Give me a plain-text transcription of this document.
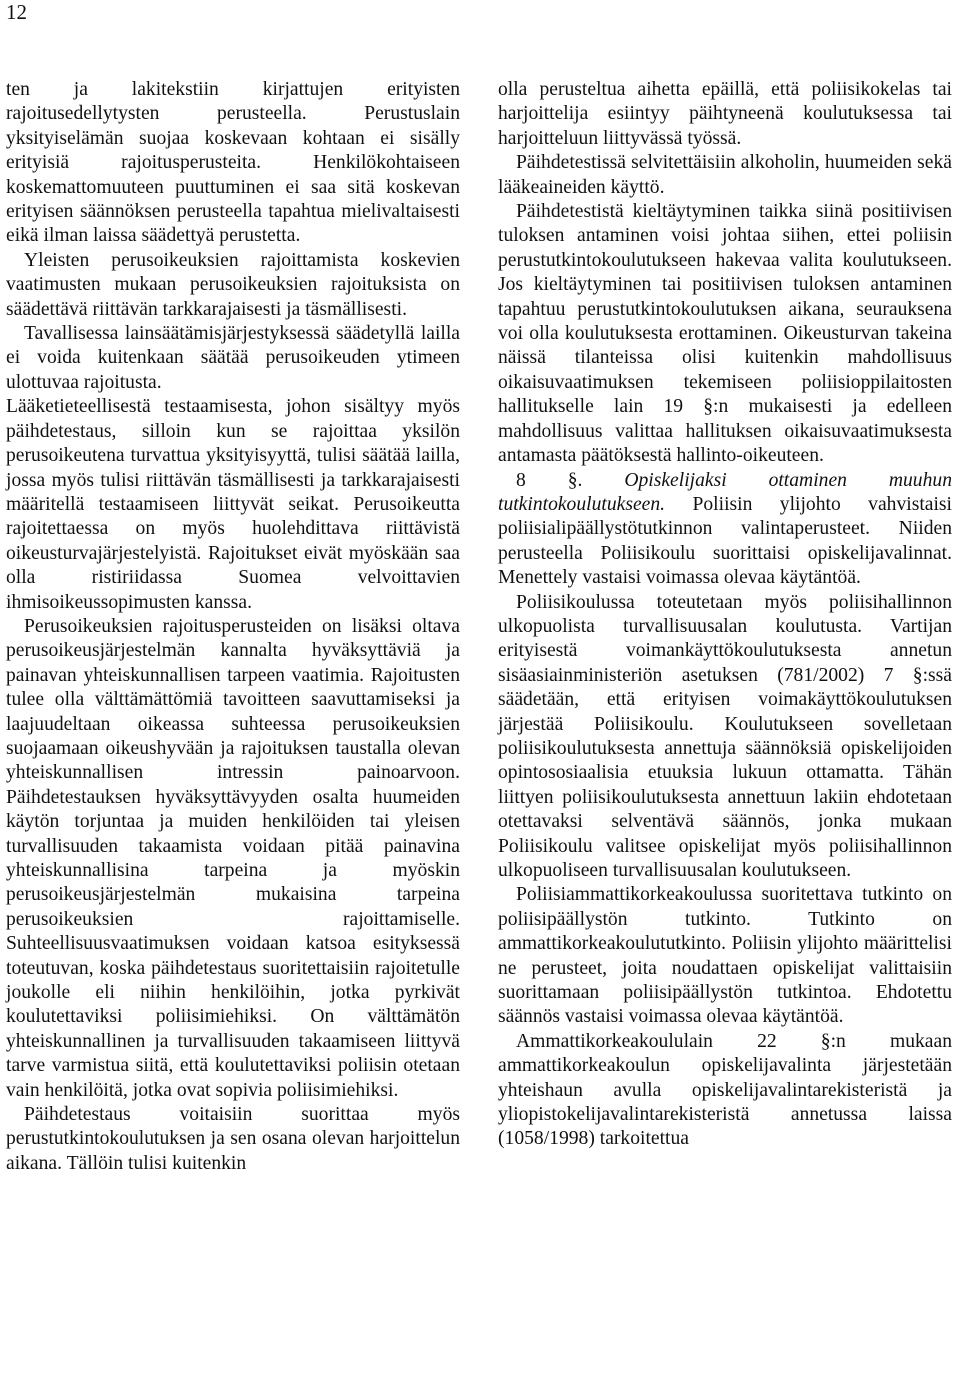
12

ten ja lakitekstiin kirjattujen erityisten rajoitusedellytysten perusteella. Perustuslain yksityiselämän suojaa koskevaan kohtaan ei sisälly erityisiä rajoitusperusteita. Henkilökohtaiseen koskemattomuuteen puuttuminen ei saa sitä koskevan erityisen säännöksen perusteella tapahtua mielivaltaisesti eikä ilman laissa säädettyä perustetta.

Yleisten perusoikeuksien rajoittamista koskevien vaatimusten mukaan perusoikeuksien rajoituksista on säädettävä riittävän tarkkarajaisesti ja täsmällisesti.

Tavallisessa lainsäätämisjärjestyksessä säädetyllä lailla ei voida kuitenkaan säätää perusoikeuden ytimeen ulottuvaa rajoitusta.

Lääketieteellisestä testaamisesta, johon sisältyy myös päihdetestaus, silloin kun se rajoittaa yksilön perusoikeutena turvattua yksityisyyttä, tulisi säätää lailla, jossa myös tulisi riittävän täsmällisesti ja tarkkarajaisesti määritellä testaamiseen liittyvät seikat. Perusoikeutta rajoitettaessa on myös huolehdittava riittävistä oikeusturvajärjestelyistä. Rajoitukset eivät myöskään saa olla ristiriidassa Suomea velvoittavien ihmisoikeussopimusten kanssa.

Perusoikeuksien rajoitusperusteiden on lisäksi oltava perusoikeusjärjestelmän kannalta hyväksyttäviä ja painavan yhteiskunnallisen tarpeen vaatimia. Rajoitusten tulee olla välttämättömiä tavoitteen saavuttamiseksi ja laajuudeltaan oikeassa suhteessa perusoikeuksien suojaamaan oikeushyvään ja rajoituksen taustalla olevan yhteiskunnallisen intressin painoarvoon. Päihdetestauksen hyväksyttävyyden osalta huumeiden käytön torjuntaa ja muiden henkilöiden tai yleisen turvallisuuden takaamista voidaan pitää painavina yhteiskunnallisina tarpeina ja myöskin perusoikeusjärjestelmän mukaisina tarpeina perusoikeuksien rajoittamiselle. Suhteellisuusvaatimuksen voidaan katsoa esityksessä toteutuvan, koska päihdetestaus suoritettaisiin rajoitetulle joukolle eli niihin henkilöihin, jotka pyrkivät koulutettaviksi poliisimiehiksi. On välttämätön yhteiskunnallinen ja turvallisuuden takaamiseen liittyvä tarve varmistua siitä, että koulutettaviksi poliisin otetaan vain henkilöitä, jotka ovat sopivia poliisimiehiksi.

Päihdetestaus voitaisiin suorittaa myös perustutkintokoulutuksen ja sen osana olevan harjoittelun aikana. Tällöin tulisi kuitenkin

olla perusteltua aihetta epäillä, että poliisikokelas tai harjoittelija esiintyy päihtyneenä koulutuksessa tai harjoitteluun liittyvässä työssä.

Päihdetestissä selvitettäisiin alkoholin, huumeiden sekä lääkeaineiden käyttö.

Päihdetestistä kieltäytyminen taikka siinä positiivisen tuloksen antaminen voisi johtaa siihen, ettei poliisin perustutkintokoulutukseen hakevaa valita koulutukseen. Jos kieltäytyminen tai positiivisen tuloksen antaminen tapahtuu perustutkintokoulutuksen aikana, seurauksena voi olla koulutuksesta erottaminen. Oikeusturvan takeina näissä tilanteissa olisi kuitenkin mahdollisuus oikaisuvaatimuksen tekemiseen poliisioppilaitosten hallitukselle lain 19 §:n mukaisesti ja edelleen mahdollisuus valittaa hallituksen oikaisuvaatimuksesta antamasta päätöksestä hallinto-oikeuteen.

8 §. Opiskelijaksi ottaminen muuhun tutkintokoulutukseen. Poliisin ylijohto vahvistaisi poliisialipäällystötutkinnon valintaperusteet. Niiden perusteella Poliisikoulu suorittaisi opiskelijavalinnat. Menettely vastaisi voimassa olevaa käytäntöä.

Poliisikoulussa toteutetaan myös poliisihallinnon ulkopuolista turvallisuusalan koulutusta. Vartijan erityisestä voimankäyttökoulutuksesta annetun sisäasiainministeriön asetuksen (781/2002) 7 §:ssä säädetään, että erityisen voimakäyttökoulutuksen järjestää Poliisikoulu. Koulutukseen sovelletaan poliisikoulutuksesta annettuja säännöksiä opiskelijoiden opintososiaalisia etuuksia lukuun ottamatta. Tähän liittyen poliisikoulutuksesta annettuun lakiin ehdotetaan otettavaksi selventävä säännös, jonka mukaan Poliisikoulu valitsee opiskelijat myös poliisihallinnon ulkopuoliseen turvallisuusalan koulutukseen.

Poliisiammattikorkeakoulussa suoritettava tutkinto on poliisipäällystön tutkinto. Tutkinto on ammattikorkeakoulututkinto. Poliisin ylijohto määrittelisi ne perusteet, joita noudattaen opiskelijat valittaisiin suorittamaan poliisipäällystön tutkintoa. Ehdotettu säännös vastaisi voimassa olevaa käytäntöä.

Ammattikorkeakoululain 22 §:n mukaan ammattikorkeakoulun opiskelijavalinta järjestetään yhteishaun avulla opiskelijavalintarekisteristä ja yliopistokelijavalintarekisteristä annetussa laissa (1058/1998) tarkoitettua
